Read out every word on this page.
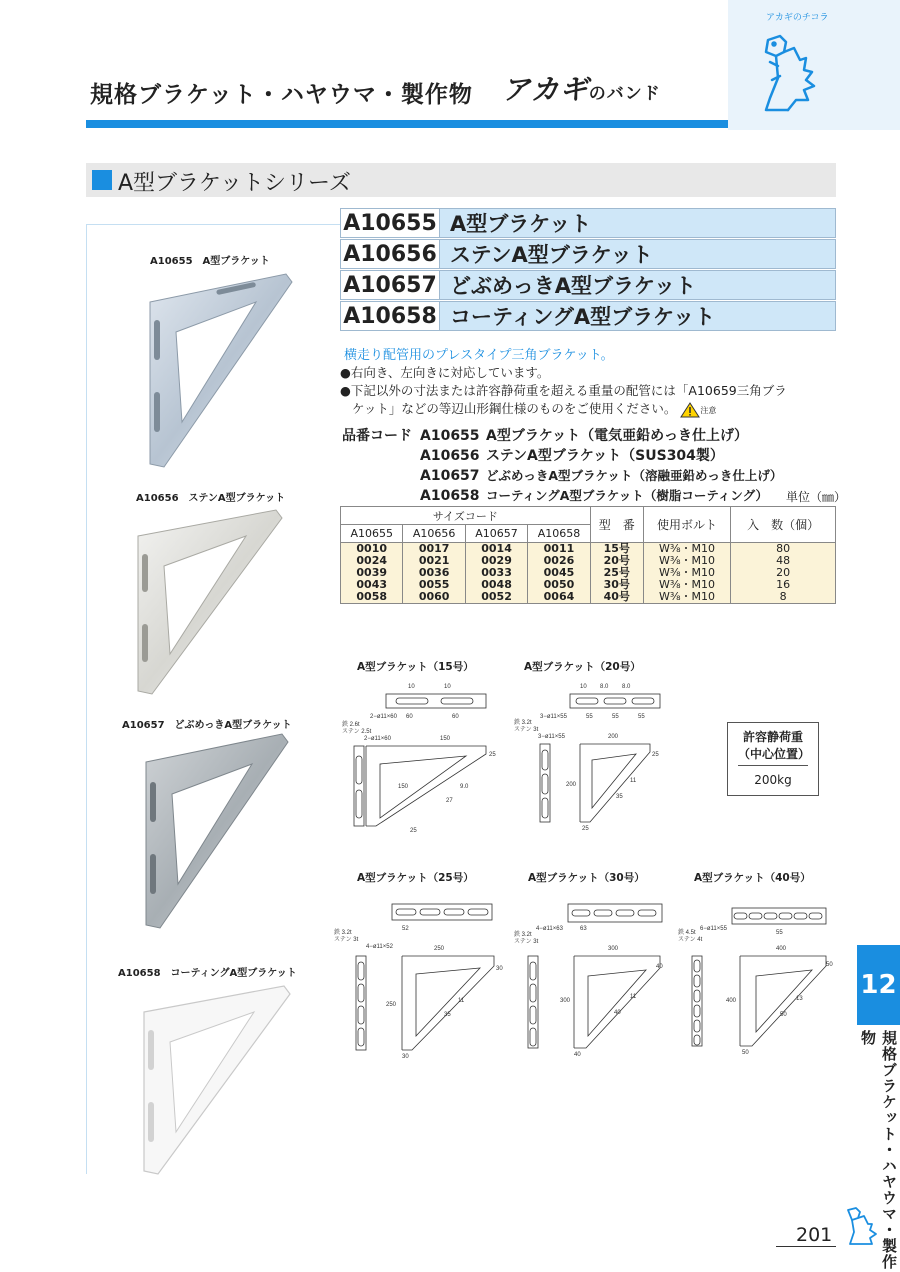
アカギのチコラ
規格ブラケット・ハヤウマ・製作物 アカギのバンド
A型ブラケットシリーズ
A10655 A型ブラケット
A10656 ステンA型ブラケット
A10657 どぶめっきA型ブラケット
A10658 コーティングA型ブラケット
横走り配管用のプレスタイプ三角ブラケット。
●右向き、左向きに対応しています。
●下記以外の寸法または許容静荷重を超える重量の配管には「A10659三角ブラ
ケット」などの等辺山形鋼仕様のものをご使用ください。	注意
品番コード A10655 A型ブラケット（電気亜鉛めっき仕上げ）
A10656 ステンA型ブラケット（SUS304製）
A10657 どぶめっきA型ブラケット（溶融亜鉛めっき仕上げ）
A10658 コーティングA型ブラケット（樹脂コーティング） 単位（㎜）
サイズコード				型　番	使用ボルト	入　数（個）
A10655	A10656	A10657	A10658			
0010	0017	0014	0011	15号	W⅜・M10	80
0024	0021	0029	0026	20号	W⅜・M10	48
0039	0036	0033	0045	25号	W⅜・M10	20
0043	0055	0048	0050	30号	W⅜・M10	16
0058	0060	0052	0064	40号	W⅜・M10	8
A10655　A型ブラケット
A10656　ステンA型ブラケット
A10657　どぶめっきA型ブラケット
A10658　コーティングA型ブラケット
A型ブラケット（15号）
10	10
2−ø11×60 60	60
鉄 2.6t
ステン 2.5t
2−ø11×60	150
25
9.0
27
150
25
A型ブラケット（20号）
10 8.0 8.0
3−ø11×55	55	55	55
鉄 3.2t
ステン 3t
3−ø11×55	200
25
11
35
200
25
許容静荷重
（中心位置）
200kg
A型ブラケット（25号）
鉄 3.2t
ステン 3t
4−ø11×52
52
250
30
11
35
250
30
A型ブラケット（30号）
鉄 3.2t
ステン 3t
4−ø11×63	63
300
40
11
40
300
40
A型ブラケット（40号）
鉄 4.5t
ステン 4t
6−ø11×55
55
400
50
13
50
400
50
12
規格ブラケット・ハヤウマ・製作物
201
